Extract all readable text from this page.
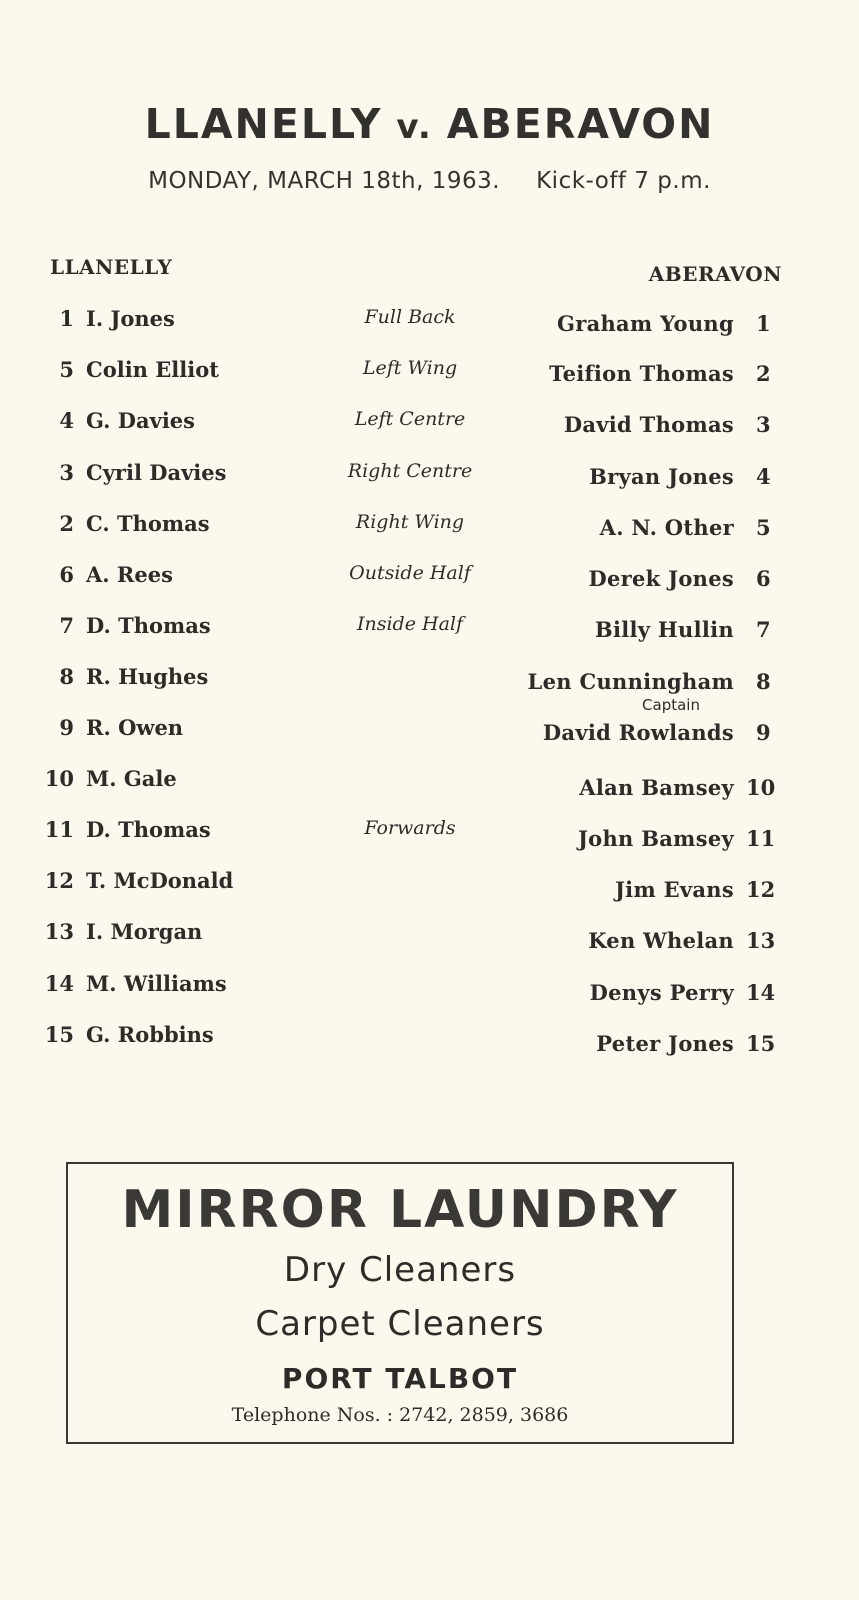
LLANELLY v. ABERAVON
MONDAY, MARCH 18th, 1963. Kick-off 7 p.m.
LLANELLY	ABERAVON
1 I. Jones	Full Back	Graham Young 1
5 Colin Elliot	Left Wing	Teifion Thomas 2
4 G. Davies	Left Centre	David Thomas 3
3 Cyril Davies	Right Centre	Bryan Jones 4
2 C. Thomas	Right Wing	A. N. Other 5
6 A. Rees	Outside Half	Derek Jones 6
7 D. Thomas	Inside Half	Billy Hullin 7
8 R. Hughes	Len Cunningham 8
9 R. Owen	David Rowlands 9
10 M. Gale	Alan Bamsey 10
11 D. Thomas	Forwards	John Bamsey 11
12 T. McDonald	Jim Evans 12
13 I. Morgan	Ken Whelan 13
14 M. Williams	Denys Perry 14
15 G. Robbins	Peter Jones 15
Captain
MIRROR LAUNDRY
Dry Cleaners
Carpet Cleaners
PORT TALBOT
Telephone Nos. : 2742, 2859, 3686
